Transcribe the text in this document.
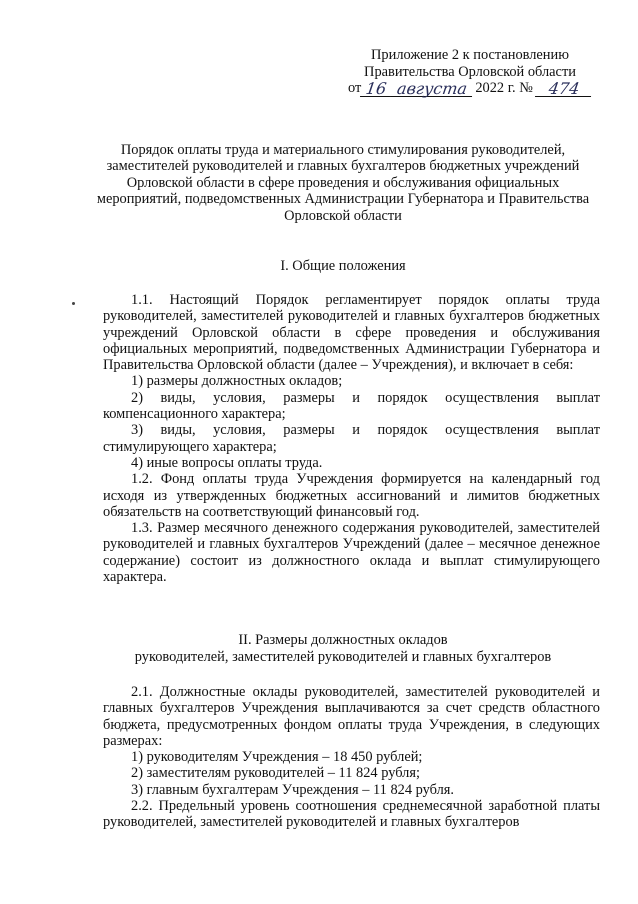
Приложение 2 к постановлению
Правительства Орловской области
от 16 августа 2022 г. № 474
Порядок оплаты труда и материального стимулирования руководителей, заместителей руководителей и главных бухгалтеров бюджетных учреждений Орловской области в сфере проведения и обслуживания официальных мероприятий, подведомственных Администрации Губернатора и Правительства Орловской области
I. Общие положения

1.1. Настоящий Порядок регламентирует порядок оплаты труда руководителей, заместителей руководителей и главных бухгалтеров бюджетных учреждений Орловской области в сфере проведения и обслуживания официальных мероприятий, подведомственных Администрации Губернатора и Правительства Орловской области (далее – Учреждения), и включает в себя:

1) размеры должностных окладов;

2) виды, условия, размеры и порядок осуществления выплат компенсационного характера;

3) виды, условия, размеры и порядок осуществления выплат стимулирующего характера;

4) иные вопросы оплаты труда.

1.2. Фонд оплаты труда Учреждения формируется на календарный год исходя из утвержденных бюджетных ассигнований и лимитов бюджетных обязательств на соответствующий финансовый год.

1.3. Размер месячного денежного содержания руководителей, заместителей руководителей и главных бухгалтеров Учреждений (далее – месячное денежное содержание) состоит из должностного оклада и выплат стимулирующего характера.

II. Размеры должностных окладов
руководителей, заместителей руководителей и главных бухгалтеров

2.1. Должностные оклады руководителей, заместителей руководителей и главных бухгалтеров Учреждения выплачиваются за счет средств областного бюджета, предусмотренных фондом оплаты труда Учреждения, в следующих размерах:

1) руководителям Учреждения – 18 450 рублей;

2) заместителям руководителей – 11 824 рубля;

3) главным бухгалтерам Учреждения – 11 824 рубля.

2.2. Предельный уровень соотношения среднемесячной заработной платы руководителей, заместителей руководителей и главных бухгалтеров
